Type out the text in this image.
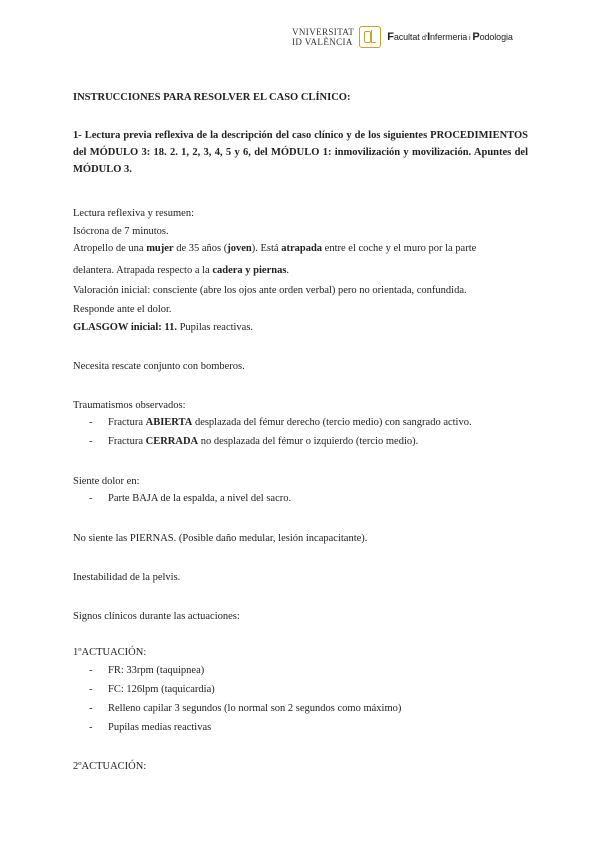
VNIVERSITAT
ID VALÈNCIA	Facultat d'Infermeria i Podologia
INSTRUCCIONES PARA RESOLVER EL CASO CLÍNICO:
1- Lectura previa reflexiva de la descripción del caso clínico y de los siguientes PROCEDIMIENTOS del MÓDULO 3: 18. 2. 1, 2, 3, 4, 5 y 6, del MÓDULO 1: inmovilización y movilización. Apuntes del MÓDULO 3.
Lectura reflexiva y resumen:
Isócrona de 7 minutos.
Atropello de una mujer de 35 años (joven). Está atrapada entre el coche y el muro por la parte
delantera. Atrapada respecto a la cadera y piernas.
Valoración inicial: consciente (abre los ojos ante orden verbal) pero no orientada, confundida.
Responde ante el dolor.
GLASGOW inicial: 11. Pupilas reactivas.
Necesita rescate conjunto con bomberos.
Traumatismos observados:
- Fractura ABIERTA desplazada del fémur derecho (tercio medio) con sangrado activo.
- Fractura CERRADA no desplazada del fémur o izquierdo (tercio medio).
Siente dolor en:
- Parte BAJA de la espalda, a nivel del sacro.
No siente las PIERNAS. (Posible daño medular, lesión incapacitante).
Inestabilidad de la pelvis.
Signos clínicos durante las actuaciones:
1ºACTUACIÓN:
- FR: 33rpm (taquipnea)
- FC: 126lpm (taquicardia)
- Relleno capilar 3 segundos (lo normal son 2 segundos como máximo)
- Pupilas medias reactivas
2ºACTUACIÓN:
